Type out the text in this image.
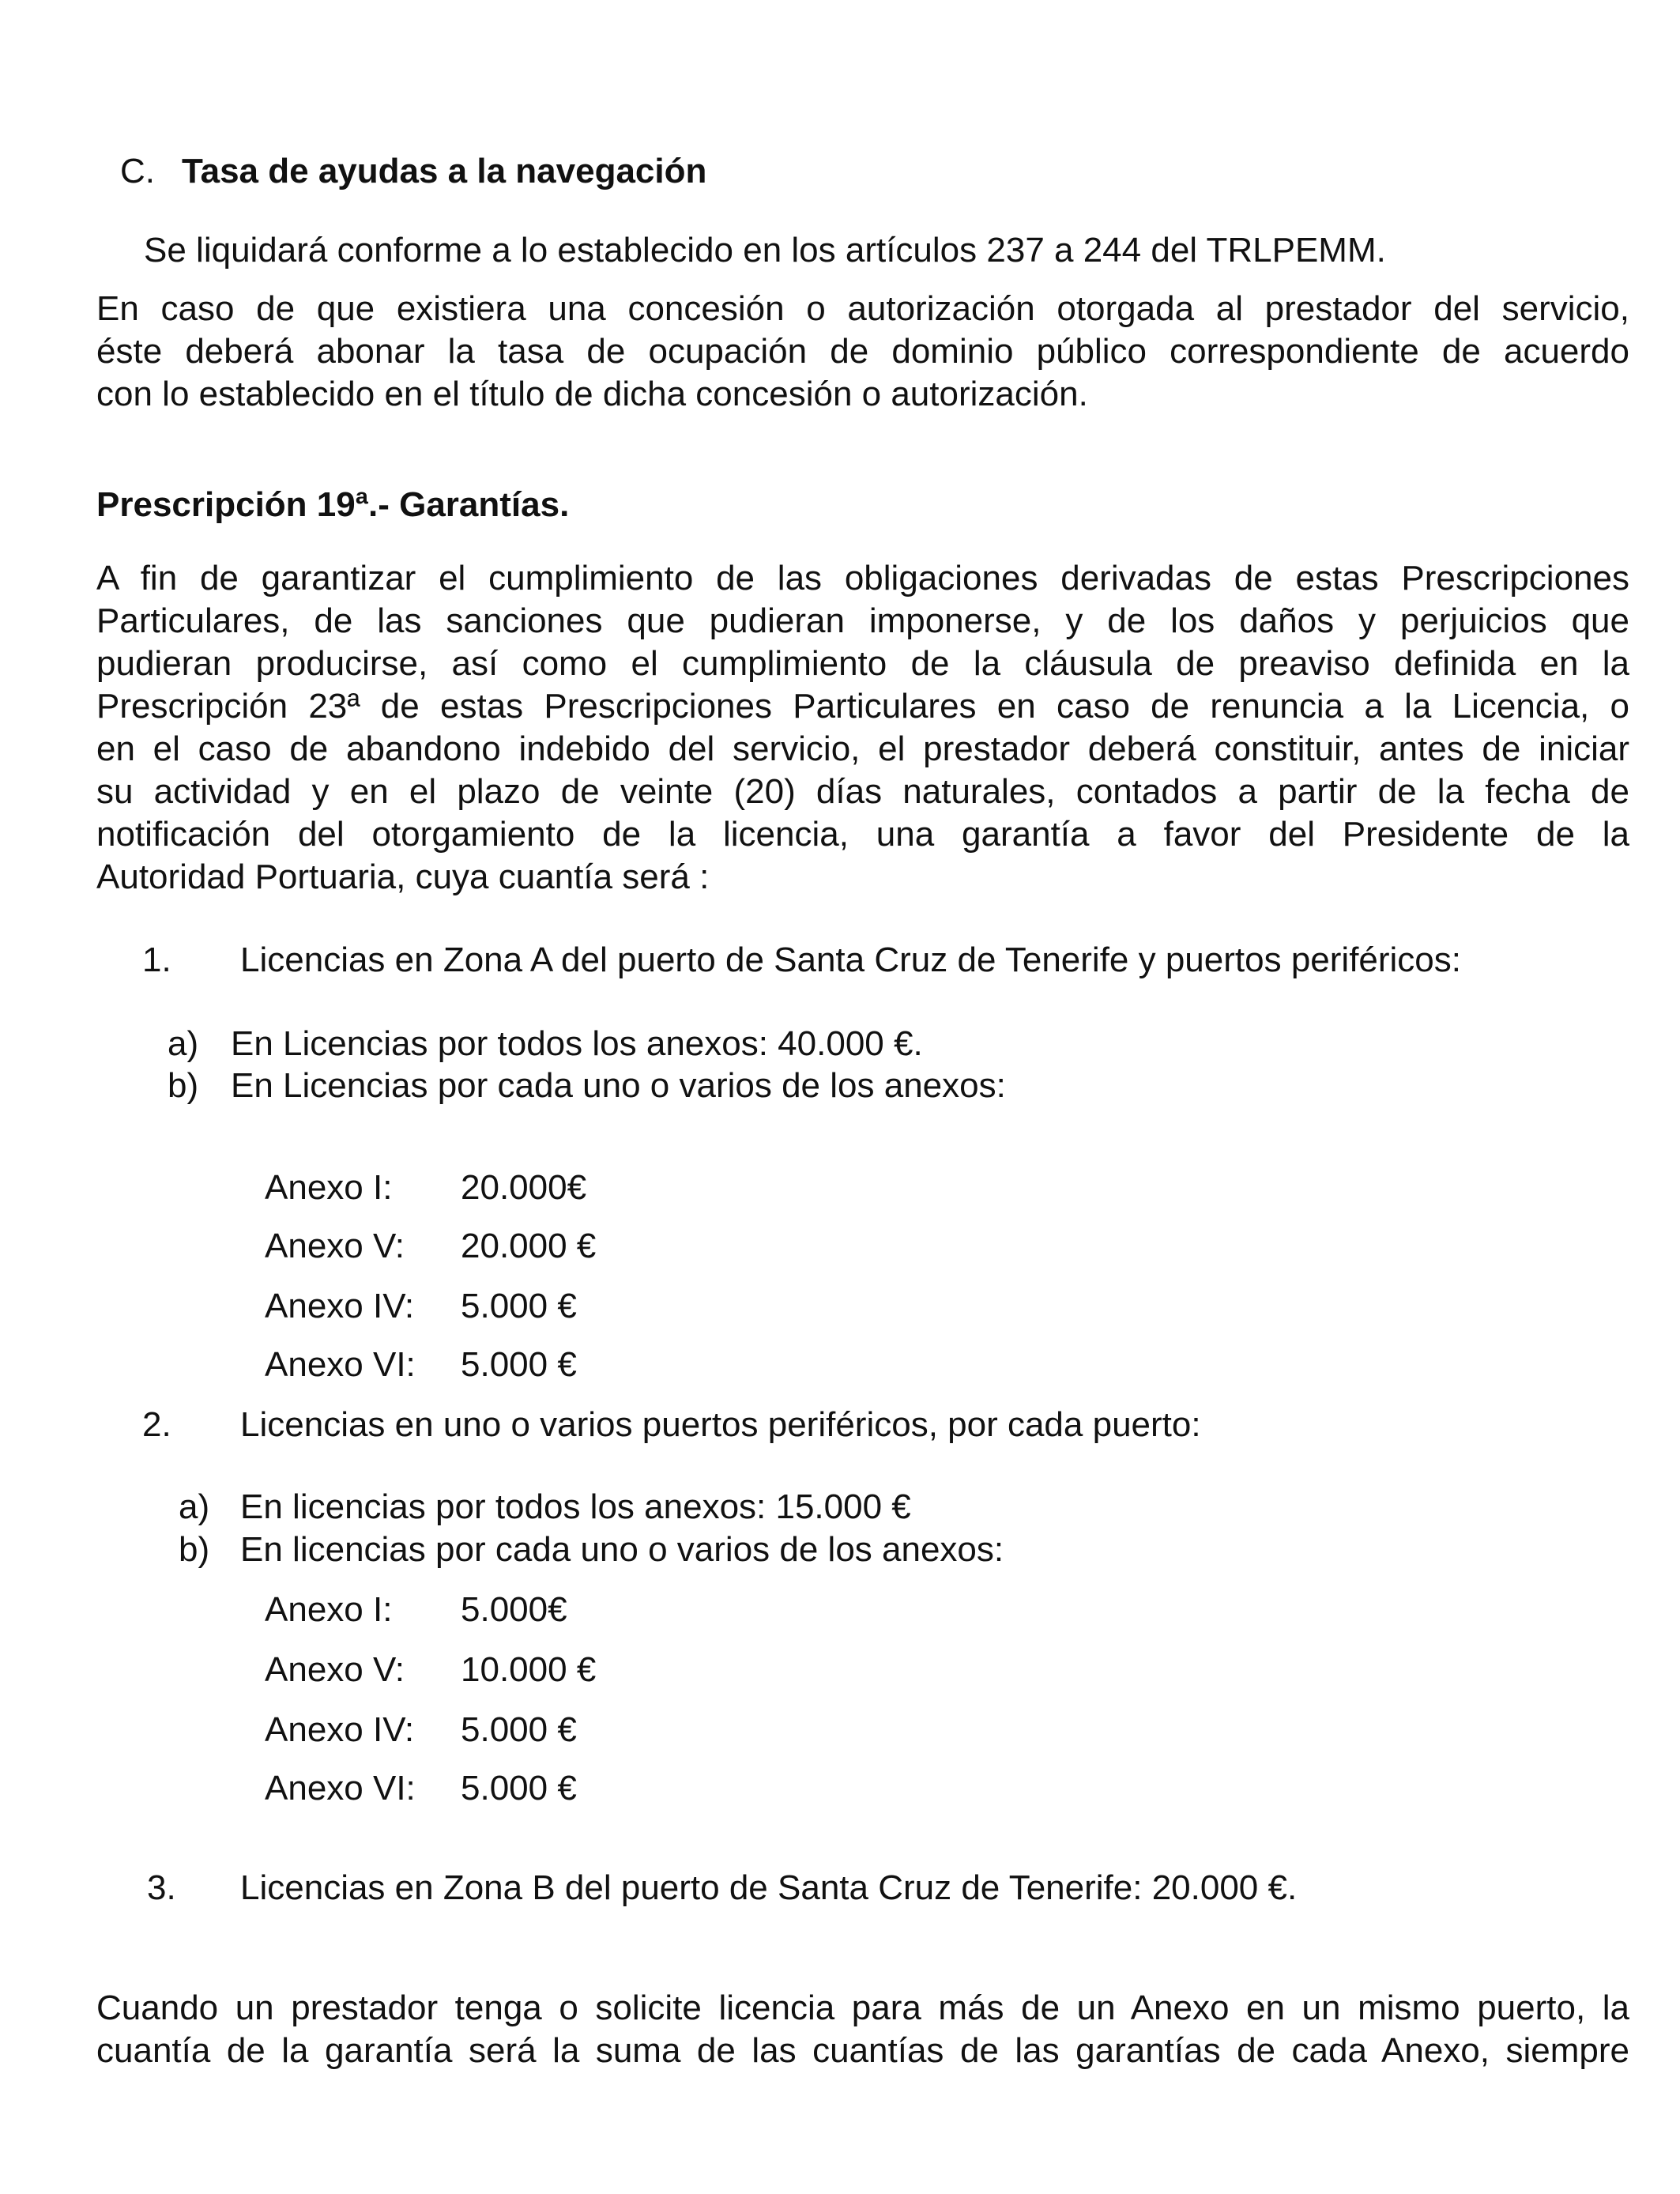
C. Tasa de ayudas a la navegación
Se liquidará conforme a lo establecido en los artículos 237 a 244 del TRLPEMM.
En caso de que existiera una concesión o autorización otorgada al prestador del servicio,
éste deberá abonar la tasa de ocupación de dominio público correspondiente de acuerdo
con lo establecido en el título de dicha concesión o autorización.
Prescripción 19ª.- Garantías.
A fin de garantizar el cumplimiento de las obligaciones derivadas de estas Prescripciones
Particulares, de las sanciones que pudieran imponerse, y de los daños y perjuicios que
pudieran producirse, así como el cumplimiento de la cláusula de preaviso definida en la
Prescripción 23ª de estas Prescripciones Particulares en caso de renuncia a la Licencia, o
en el caso de abandono indebido del servicio, el prestador deberá constituir, antes de iniciar
su actividad y en el plazo de veinte (20) días naturales, contados a partir de la fecha de
notificación del otorgamiento de la licencia, una garantía a favor del Presidente de la
Autoridad Portuaria, cuya cuantía será :
1. Licencias en Zona A del puerto de Santa Cruz de Tenerife y puertos periféricos:
a) En Licencias por todos los anexos: 40.000 €.
b) En Licencias por cada uno o varios de los anexos:
Anexo I: 20.000€
Anexo V: 20.000 €
Anexo IV: 5.000 €
Anexo VI: 5.000 €
2. Licencias en uno o varios puertos periféricos, por cada puerto:
a) En licencias por todos los anexos: 15.000 €
b) En licencias por cada uno o varios de los anexos:
Anexo I: 5.000€
Anexo V: 10.000 €
Anexo IV: 5.000 €
Anexo VI: 5.000 €
3. Licencias en Zona B del puerto de Santa Cruz de Tenerife: 20.000 €.
Cuando un prestador tenga o solicite licencia para más de un Anexo en un mismo puerto, la
cuantía de la garantía será la suma de las cuantías de las garantías de cada Anexo, siempre
